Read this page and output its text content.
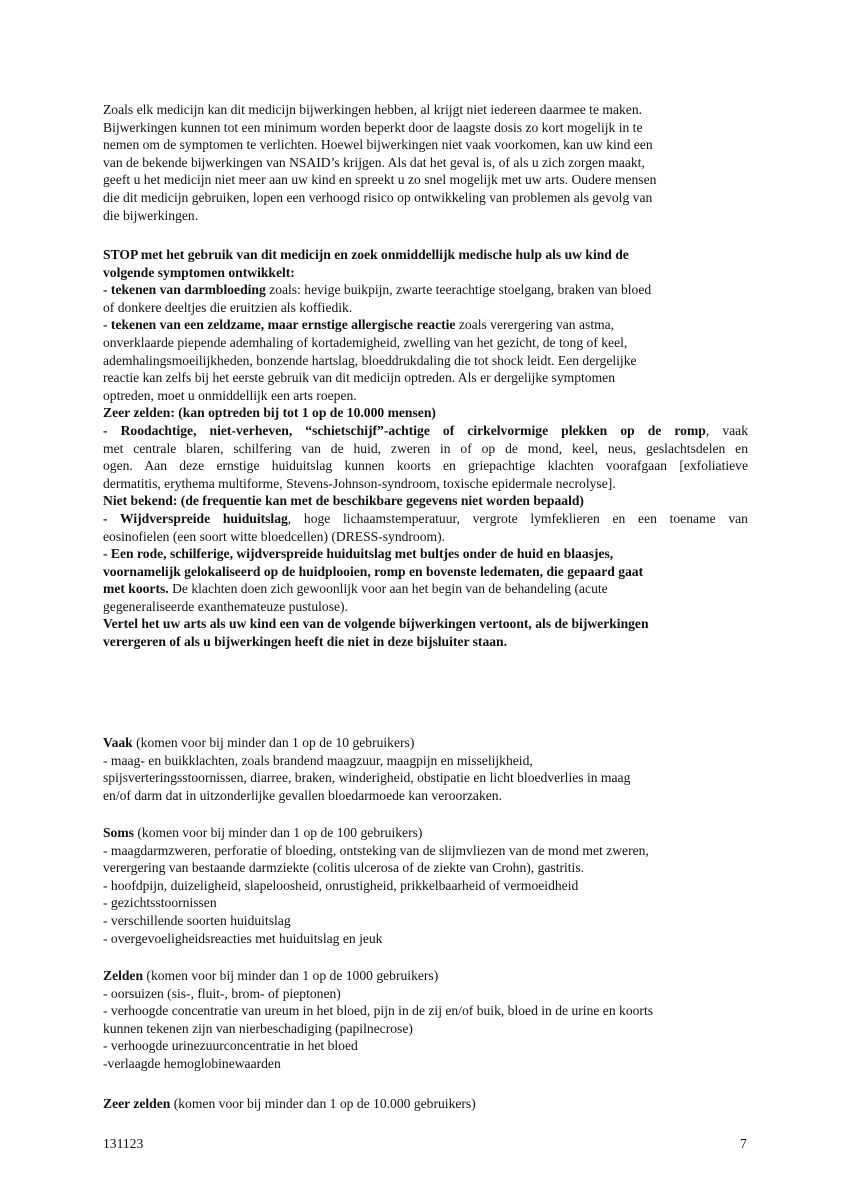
Zoals elk medicijn kan dit medicijn bijwerkingen hebben, al krijgt niet iedereen daarmee te maken.
Bijwerkingen kunnen tot een minimum worden beperkt door de laagste dosis zo kort mogelijk in te
nemen om de symptomen te verlichten. Hoewel bijwerkingen niet vaak voorkomen, kan uw kind een
van de bekende bijwerkingen van NSAID’s krijgen. Als dat het geval is, of als u zich zorgen maakt,
geeft u het medicijn niet meer aan uw kind en spreekt u zo snel mogelijk met uw arts. Oudere mensen
die dit medicijn gebruiken, lopen een verhoogd risico op ontwikkeling van problemen als gevolg van
die bijwerkingen.
STOP met het gebruik van dit medicijn en zoek onmiddellijk medische hulp als uw kind de
volgende symptomen ontwikkelt:
- tekenen van darmbloeding zoals: hevige buikpijn, zwarte teerachtige stoelgang, braken van bloed
of donkere deeltjes die eruitzien als koffiedik.
- tekenen van een zeldzame, maar ernstige allergische reactie zoals verergering van astma,
onverklaarde piepende ademhaling of kortademigheid, zwelling van het gezicht, de tong of keel,
ademhalingsmoeilijkheden, bonzende hartslag, bloeddrukdaling die tot shock leidt. Een dergelijke
reactie kan zelfs bij het eerste gebruik van dit medicijn optreden. Als er dergelijke symptomen
optreden, moet u onmiddellijk een arts roepen.
Zeer zelden: (kan optreden bij tot 1 op de 10.000 mensen)
- Roodachtige, niet-verheven, “schietschijf”-achtige of cirkelvormige plekken op de romp, vaak
met centrale blaren, schilfering van de huid, zweren in of op de mond, keel, neus, geslachtsdelen en
ogen. Aan deze ernstige huiduitslag kunnen koorts en griepachtige klachten voorafgaan [exfoliatieve
dermatitis, erythema multiforme, Stevens-Johnson-syndroom, toxische epidermale necrolyse].
Niet bekend: (de frequentie kan met de beschikbare gegevens niet worden bepaald)
- Wijdverspreide huiduitslag, hoge lichaamstemperatuur, vergrote lymfeklieren en een toename van
eosinofielen (een soort witte bloedcellen) (DRESS-syndroom).
- Een rode, schilferige, wijdverspreide huiduitslag met bultjes onder de huid en blaasjes,
voornamelijk gelokaliseerd op de huidplooien, romp en bovenste ledematen, die gepaard gaat
met koorts. De klachten doen zich gewoonlijk voor aan het begin van de behandeling (acute
gegeneraliseerde exanthemateuze pustulose).
Vertel het uw arts als uw kind een van de volgende bijwerkingen vertoont, als de bijwerkingen
verergeren of als u bijwerkingen heeft die niet in deze bijsluiter staan.
Vaak (komen voor bij minder dan 1 op de 10 gebruikers)
- maag- en buikklachten, zoals brandend maagzuur, maagpijn en misselijkheid,
spijsverteringsstoornissen, diarree, braken, winderigheid, obstipatie en licht bloedverlies in maag
en/of darm dat in uitzonderlijke gevallen bloedarmoede kan veroorzaken.
Soms (komen voor bij minder dan 1 op de 100 gebruikers)
- maagdarmzweren, perforatie of bloeding, ontsteking van de slijmvliezen van de mond met zweren,
verergering van bestaande darmziekte (colitis ulcerosa of de ziekte van Crohn), gastritis.
- hoofdpijn, duizeligheid, slapeloosheid, onrustigheid, prikkelbaarheid of vermoeidheid
- gezichtsstoornissen
- verschillende soorten huiduitslag
- overgevoeligheidsreacties met huiduitslag en jeuk
Zelden (komen voor bij minder dan 1 op de 1000 gebruikers)
- oorsuizen (sis-, fluit-, brom- of pieptonen)
- verhoogde concentratie van ureum in het bloed, pijn in de zij en/of buik, bloed in de urine en koorts
kunnen tekenen zijn van nierbeschadiging (papilnecrose)
- verhoogde urinezuurconcentratie in het bloed
-verlaagde hemoglobinewaarden
Zeer zelden (komen voor bij minder dan 1 op de 10.000 gebruikers)
131123	7
